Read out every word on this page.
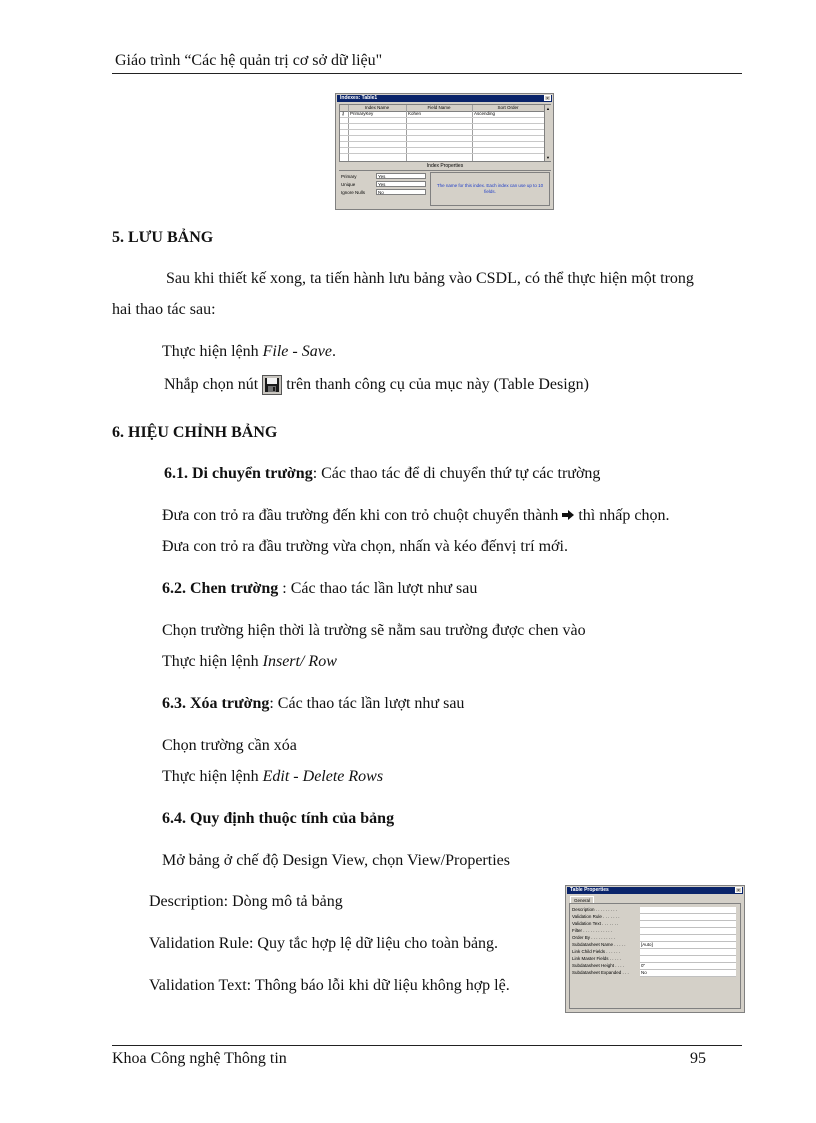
Giáo trình “Các hệ quản trị cơ sở dữ liệu"
Indexes: Table1	×
Index Name	Field Name	Sort Order
⚷	PrimaryKey	Kohen	Ascending
▲
▼
Index Properties
Primary	Yes
Unique	Yes
Ignore Nulls	No
The name for this index. Each index can use up to 10 fields.
5. LƯU BẢNG
Sau khi thiết kế xong, ta tiến hành lưu bảng vào CSDL, có thể thực hiện một trong
hai thao tác sau:
Thực hiện lệnh File - Save.
Nhắp chọn nút trên thanh công cụ của mục này (Table Design)
6. HIỆU CHỈNH BẢNG
6.1. Di chuyển trường: Các thao tác để di chuyển thứ tự các trường
Đưa con trỏ ra đầu trường đến khi con trỏ chuột chuyển thành thì nhấp chọn.
Đưa con trỏ ra đầu trường vừa chọn, nhấn và kéo đếnvị trí mới.
6.2. Chen trường : Các thao tác lần lượt như sau
Chọn trường hiện thời là trường sẽ nằm sau trường được chen vào
Thực hiện lệnh Insert/ Row
6.3. Xóa trường: Các thao tác lần lượt như sau
Chọn trường cần xóa
Thực hiện lệnh Edit - Delete Rows
6.4. Quy định thuộc tính của bảng
Mở bảng ở chế độ Design View, chọn View/Properties
Description: Dòng mô tả bảng
Validation Rule: Quy tắc hợp lệ dữ liệu cho toàn bảng.
Validation Text: Thông báo lỗi khi dữ liệu không hợp lệ.
Table Properties	×
General
Description . . . . . . . . .
Validation Rule . . . . . . .
Validation Text . . . . . . .
Filter . . . . . . . . . . . .
Order By . . . . . . . . . .
Subdatasheet Name . . . . .	[Auto]
Link Child Fields . . . . . .
Link Master Fields . . . . .
Subdatasheet Height . . . .	0"
Subdatasheet Expanded . . .	No
Khoa Công nghệ Thông tin	95
